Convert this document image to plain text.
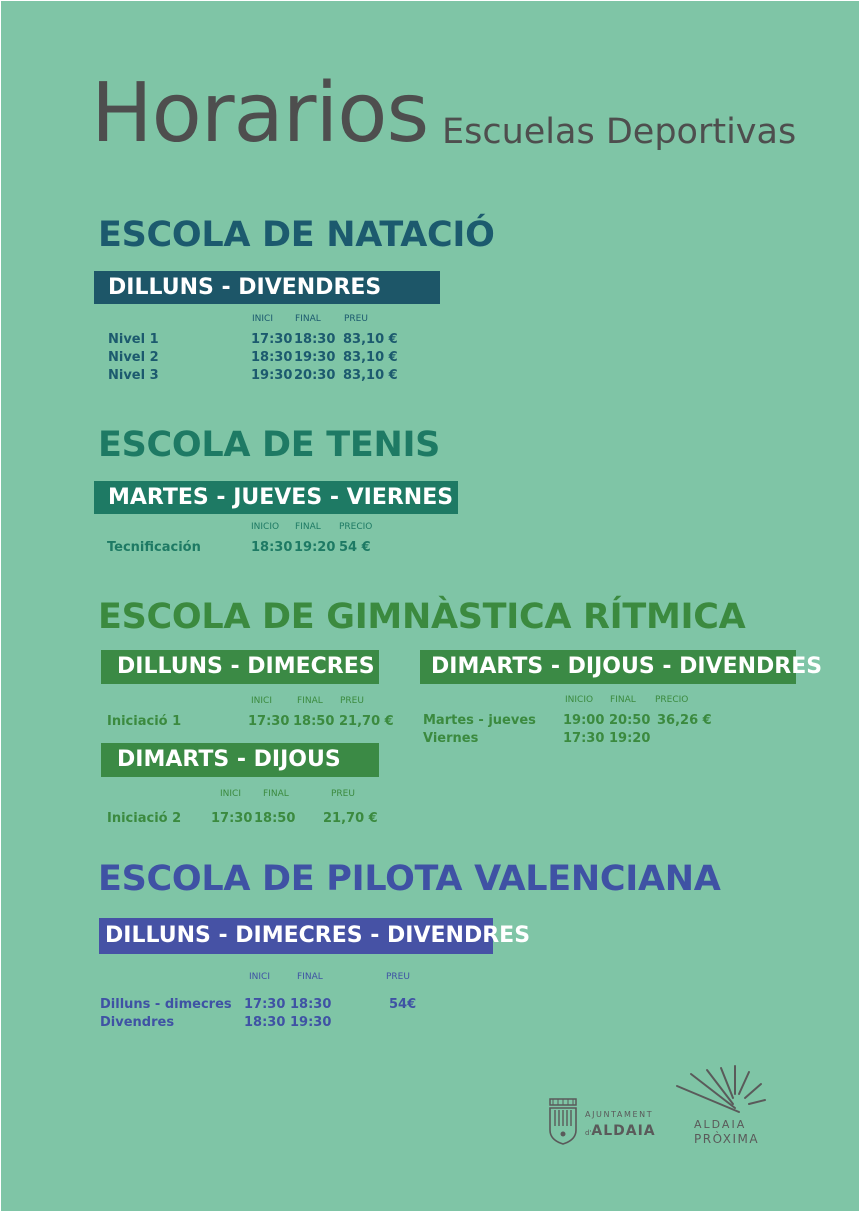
Horarios Escuelas Deportivas
ESCOLA DE NATACIÓ
DILLUNS - DIVENDRES
INICI FINAL	PREU
Nivel 1	17:30 18:30 83,10 €
Nivel 2	18:30 19:30 83,10 €
Nivel 3	19:30 20:30 83,10 €
ESCOLA DE TENIS
MARTES - JUEVES - VIERNES
INICIO FINAL PRECIO
Tecnificación	18:30 19:20 54 €
ESCOLA DE GIMNÀSTICA RÍTMICA
DILLUNS - DIMECRES
INICI	FINAL PREU
Iniciació 1	17:30 18:50 21,70 €
DIMARTS - DIJOUS
INICI FINAL	PREU
Iniciació 2 17:30 18:50 21,70 €
DIMARTS - DIJOUS - DIVENDRES
INICIO FINAL PRECIO
Martes - jueves 19:00 20:50 36,26 €
Viernes	17:30 19:20
ESCOLA DE PILOTA VALENCIANA
DILLUNS - DIMECRES - DIVENDRES
INICI	FINAL	PREU
Dilluns - dimecres 17:30 18:30	54€
Divendres	18:30 19:30
AJUNTAMENT
d'ALDAIA	ALDAIA
PRÒXIMA
